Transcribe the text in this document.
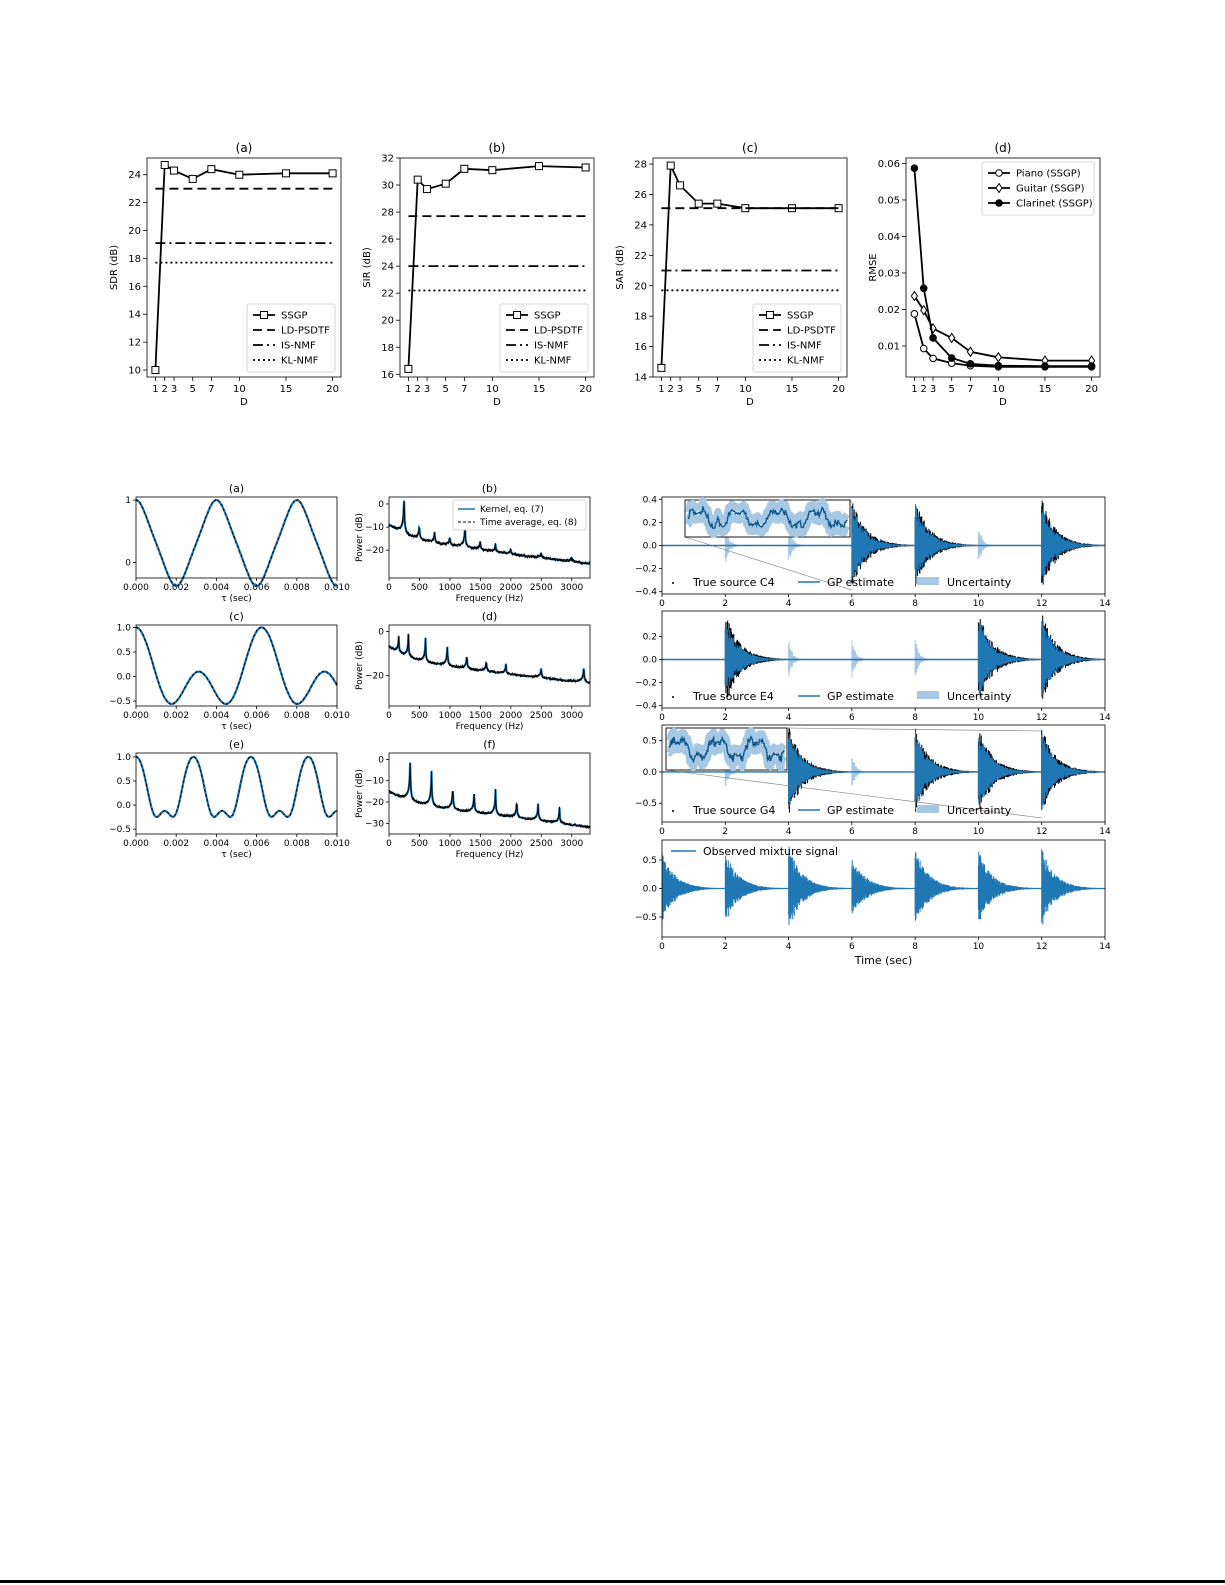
(a)
1 2 3 5 7 10	15	20
D
10
12
14
16
18
20
22
24
SDR (dB)
SSGP
LD-PSDTF
IS-NMF
KL-NMF
(b)
1 2 3 5 7 10	15	20
D
16
18
20
22
24
26
28
30
32
SIR (dB)
SSGP
LD-PSDTF
IS-NMF
KL-NMF
(c)
1 2 3 5 7 10	15	20
D
14
16
18
20
22
24
26
28
SAR (dB)
SSGP
LD-PSDTF
IS-NMF
KL-NMF
(d)
1 2 3 5 7 10	15	20
D
0.01
0.02
0.03
0.04
0.05
0.06
RMSE
Piano (SSGP)
Guitar (SSGP)
Clarinet (SSGP)
(a)
0.000 0.002 0.004 0.006 0.008 0.010
τ (sec)
0
1
(b)
0 500 1000 1500 2000 2500 3000
Frequency (Hz)
0
−10
−20
Power (dB)
Kernel, eq. (7)
Time average, eq. (8)
(c)
0.000 0.002 0.004 0.006 0.008 0.010
τ (sec)
1.0
0.5
0.0
−0.5
(d)
0 500 1000 1500 2000 2500 3000
Frequency (Hz)
0
−20
Power (dB)
(e)
0.000 0.002 0.004 0.006 0.008 0.010
τ (sec)
1.0
0.5
0.0
−0.5
(f)
0 500 1000 1500 2000 2500 3000
Frequency (Hz)
0
−10
−20
−30
Power (dB)
0	2	4	6	8	10	12	14
0.4
0.2
0.0
−0.2
−0.4
True source C4	GP estimate	Uncertainty
0	2	4	6	8	10	12	14
0.2
0.0
−0.2
−0.4
True source E4	GP estimate	Uncertainty
0	2	4	6	8	10	12	14
0.5
0.0
−0.5	True source G4	GP estimate	Uncertainty
0	2	4	6	8	10	12	14
0.5
0.0
−0.5
Observed mixture signal
Time (sec)
